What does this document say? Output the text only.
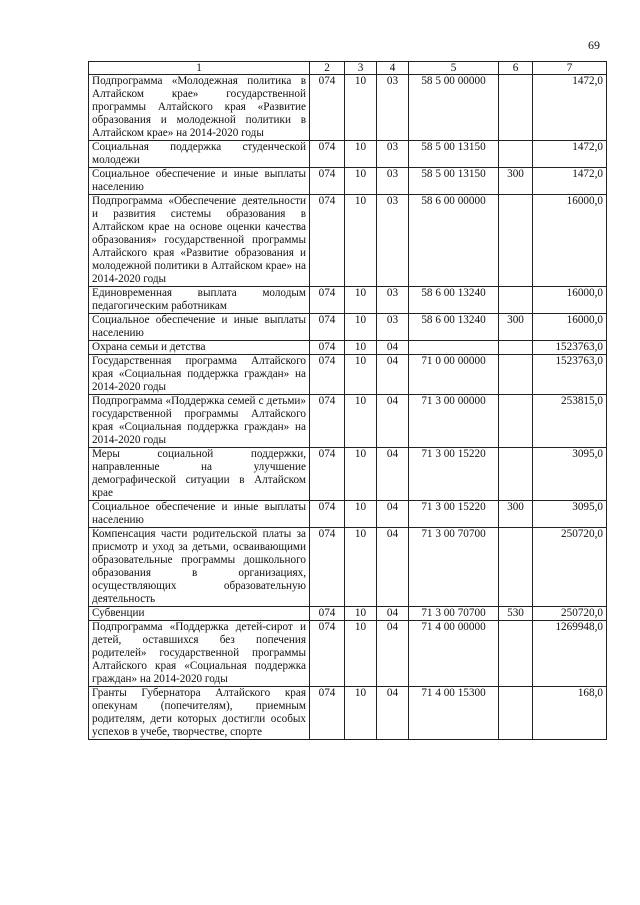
69
1	2	3	4	5	6	7
Подпрограмма «Молодежная политика в Алтайском крае» государственной программы Алтайского края «Развитие образования и молодежной политики в Алтайском крае» на 2014-2020 годы	074	10	03	58 5 00 00000		1472,0
Социальная поддержка студенческой молодежи	074	10	03	58 5 00 13150		1472,0
Социальное обеспечение и иные выплаты населению	074	10	03	58 5 00 13150	300	1472,0
Подпрограмма «Обеспечение деятельности и развития системы образования в Алтайском крае на основе оценки качества образования» государственной программы Алтайского края «Развитие образования и молодежной политики в Алтайском крае» на 2014-2020 годы	074	10	03	58 6 00 00000		16000,0
Единовременная выплата молодым педагогическим работникам	074	10	03	58 6 00 13240		16000,0
Социальное обеспечение и иные выплаты населению	074	10	03	58 6 00 13240	300	16000,0
Охрана семьи и детства	074	10	04			1523763,0
Государственная программа Алтайского края «Социальная поддержка граждан» на 2014-2020 годы	074	10	04	71 0 00 00000		1523763,0
Подпрограмма «Поддержка семей с детьми» государственной программы Алтайского края «Социальная поддержка граждан» на 2014-2020 годы	074	10	04	71 3 00 00000		253815,0
Меры социальной поддержки, направленные на улучшение демографической ситуации в Алтайском крае	074	10	04	71 3 00 15220		3095,0
Социальное обеспечение и иные выплаты населению	074	10	04	71 3 00 15220	300	3095,0
Компенсация части родительской платы за присмотр и уход за детьми, осваивающими образовательные программы дошкольного образования в организациях, осуществляющих образовательную деятельность	074	10	04	71 3 00 70700		250720,0
Субвенции	074	10	04	71 3 00 70700	530	250720,0
Подпрограмма «Поддержка детей-сирот и детей, оставшихся без попечения родителей» государственной программы Алтайского края «Социальная поддержка граждан» на 2014-2020 годы	074	10	04	71 4 00 00000		1269948,0
Гранты Губернатора Алтайского края опекунам (попечителям), приемным родителям, дети которых достигли особых успехов в учебе, творчестве, спорте	074	10	04	71 4 00 15300		168,0
